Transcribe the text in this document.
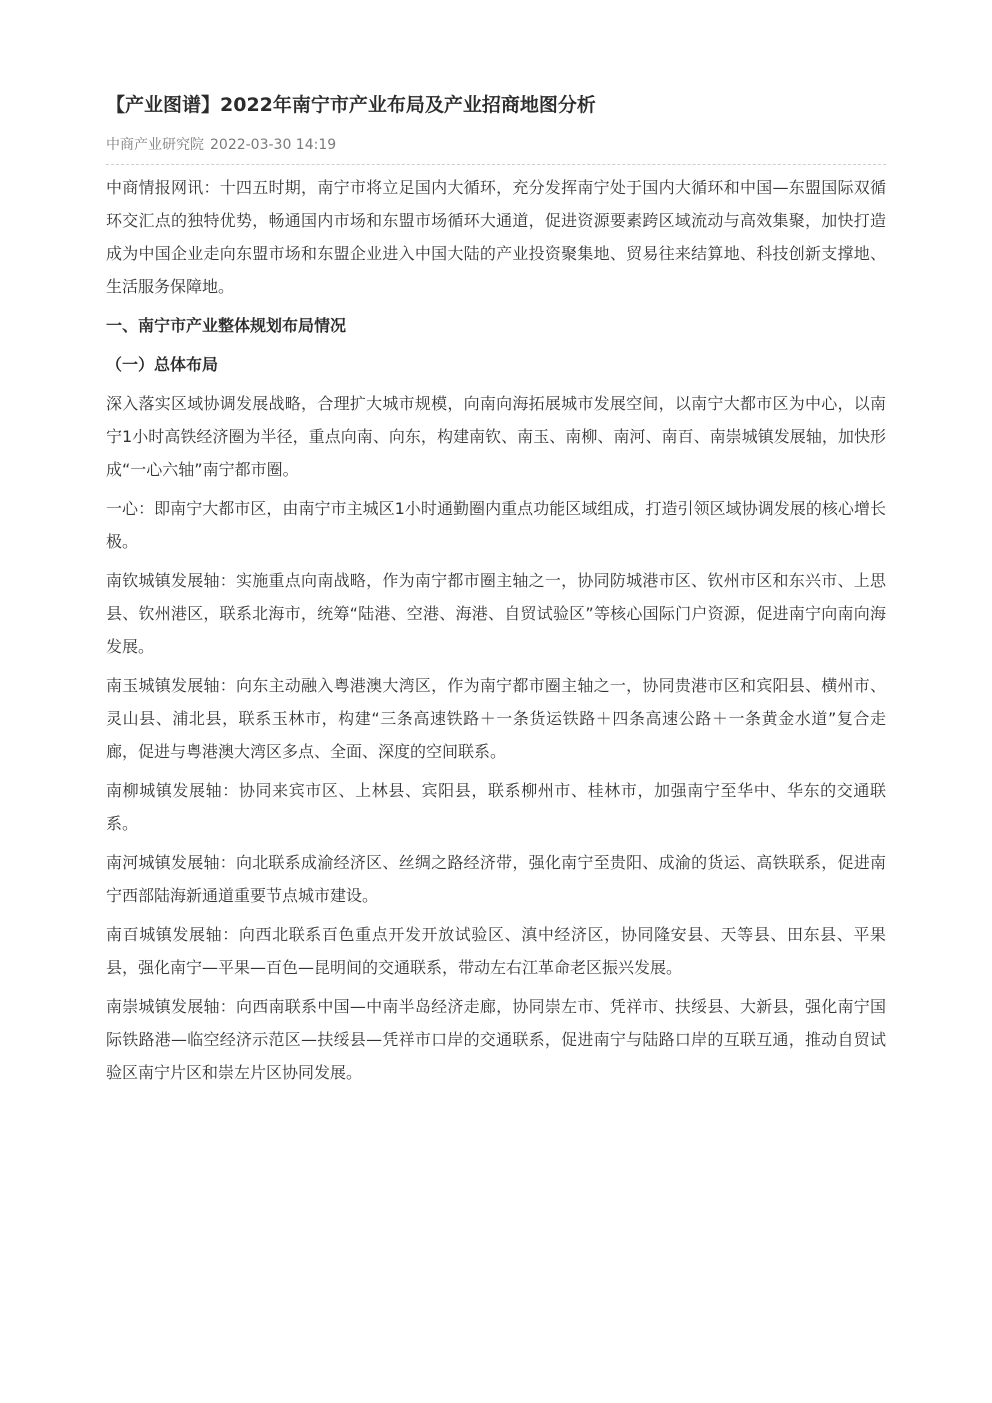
【产业图谱】2022年南宁市产业布局及产业招商地图分析
中商产业研究院 2022-03-30 14:19

中商情报网讯：十四五时期，南宁市将立足国内大循环，充分发挥南宁处于国内大循环和中国—东盟国际双循环交汇点的独特优势，畅通国内市场和东盟市场循环大通道，促进资源要素跨区域流动与高效集聚，加快打造成为中国企业走向东盟市场和东盟企业进入中国大陆的产业投资聚集地、贸易往来结算地、科技创新支撑地、生活服务保障地。

一、南宁市产业整体规划布局情况

（一）总体布局

深入落实区域协调发展战略，合理扩大城市规模，向南向海拓展城市发展空间，以南宁大都市区为中心，以南宁1小时高铁经济圈为半径，重点向南、向东，构建南钦、南玉、南柳、南河、南百、南崇城镇发展轴，加快形成“一心六轴”南宁都市圈。

一心：即南宁大都市区，由南宁市主城区1小时通勤圈内重点功能区域组成，打造引领区域协调发展的核心增长极。

南钦城镇发展轴：实施重点向南战略，作为南宁都市圈主轴之一，协同防城港市区、钦州市区和东兴市、上思县、钦州港区，联系北海市，统筹“陆港、空港、海港、自贸试验区”等核心国际门户资源，促进南宁向南向海发展。

南玉城镇发展轴：向东主动融入粤港澳大湾区，作为南宁都市圈主轴之一，协同贵港市区和宾阳县、横州市、灵山县、浦北县，联系玉林市，构建“三条高速铁路＋一条货运铁路＋四条高速公路＋一条黄金水道”复合走廊，促进与粤港澳大湾区多点、全面、深度的空间联系。

南柳城镇发展轴：协同来宾市区、上林县、宾阳县，联系柳州市、桂林市，加强南宁至华中、华东的交通联系。

南河城镇发展轴：向北联系成渝经济区、丝绸之路经济带，强化南宁至贵阳、成渝的货运、高铁联系，促进南宁西部陆海新通道重要节点城市建设。

南百城镇发展轴：向西北联系百色重点开发开放试验区、滇中经济区，协同隆安县、天等县、田东县、平果县，强化南宁—平果—百色—昆明间的交通联系，带动左右江革命老区振兴发展。

南崇城镇发展轴：向西南联系中国—中南半岛经济走廊，协同崇左市、凭祥市、扶绥县、大新县，强化南宁国际铁路港—临空经济示范区—扶绥县—凭祥市口岸的交通联系，促进南宁与陆路口岸的互联互通，推动自贸试验区南宁片区和崇左片区协同发展。
